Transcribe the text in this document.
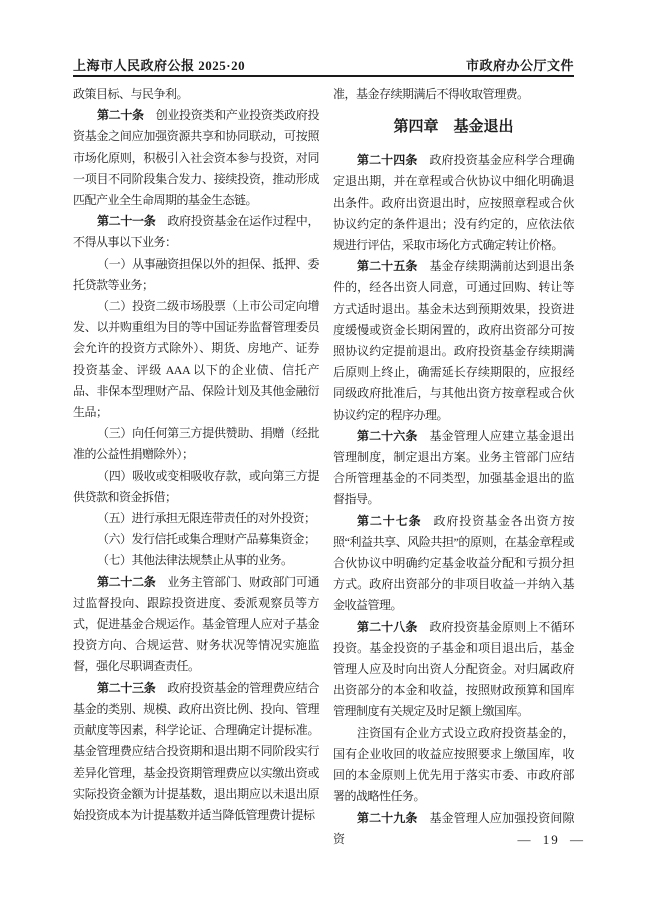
上海市人民政府公报 2025·20	市政府办公厅文件

政策目标、与民争利。

第二十条 创业投资类和产业投资类政府投资基金之间应加强资源共享和协同联动，可按照市场化原则，积极引入社会资本参与投资，对同一项目不同阶段集合发力、接续投资，推动形成匹配产业全生命周期的基金生态链。

第二十一条 政府投资基金在运作过程中，不得从事以下业务：

（一）从事融资担保以外的担保、抵押、委托贷款等业务；

（二）投资二级市场股票（上市公司定向增发、以并购重组为目的等中国证券监督管理委员会允许的投资方式除外）、期货、房地产、证券投资基金、评级 AAA 以下的企业债、信托产品、非保本型理财产品、保险计划及其他金融衍生品；

（三）向任何第三方提供赞助、捐赠（经批准的公益性捐赠除外）；

（四）吸收或变相吸收存款，或向第三方提供贷款和资金拆借；

（五）进行承担无限连带责任的对外投资；

（六）发行信托或集合理财产品募集资金；

（七）其他法律法规禁止从事的业务。

第二十二条 业务主管部门、财政部门可通过监督投向、跟踪投资进度、委派观察员等方式，促进基金合规运作。基金管理人应对子基金投资方向、合规运营、财务状况等情况实施监督，强化尽职调查责任。

第二十三条 政府投资基金的管理费应结合基金的类别、规模、政府出资比例、投向、管理贡献度等因素，科学论证、合理确定计提标准。基金管理费应结合投资期和退出期不同阶段实行差异化管理，基金投资期管理费应以实缴出资或实际投资金额为计提基数，退出期应以未退出原始投资成本为计提基数并适当降低管理费计提标

准，基金存续期满后不得收取管理费。

第四章　基金退出

第二十四条 政府投资基金应科学合理确定退出期，并在章程或合伙协议中细化明确退出条件。政府出资退出时，应按照章程或合伙协议约定的条件退出；没有约定的，应依法依规进行评估，采取市场化方式确定转让价格。

第二十五条 基金存续期满前达到退出条件的，经各出资人同意，可通过回购、转让等方式适时退出。基金未达到预期效果，投资进度缓慢或资金长期闲置的，政府出资部分可按照协议约定提前退出。政府投资基金存续期满后原则上终止，确需延长存续期限的，应报经同级政府批准后，与其他出资方按章程或合伙协议约定的程序办理。

第二十六条 基金管理人应建立基金退出管理制度，制定退出方案。业务主管部门应结合所管理基金的不同类型，加强基金退出的监督指导。

第二十七条 政府投资基金各出资方按照“利益共享、风险共担”的原则，在基金章程或合伙协议中明确约定基金收益分配和亏损分担方式。政府出资部分的非项目收益一并纳入基金收益管理。

第二十八条 政府投资基金原则上不循环投资。基金投资的子基金和项目退出后，基金管理人应及时向出资人分配资金。对归属政府出资部分的本金和收益，按照财政预算和国库管理制度有关规定及时足额上缴国库。

注资国有企业方式设立政府投资基金的，国有企业收回的收益应按照要求上缴国库，收回的本金原则上优先用于落实市委、市政府部署的战略性任务。

第二十九条 基金管理人应加强投资间隙资	— 19 —
